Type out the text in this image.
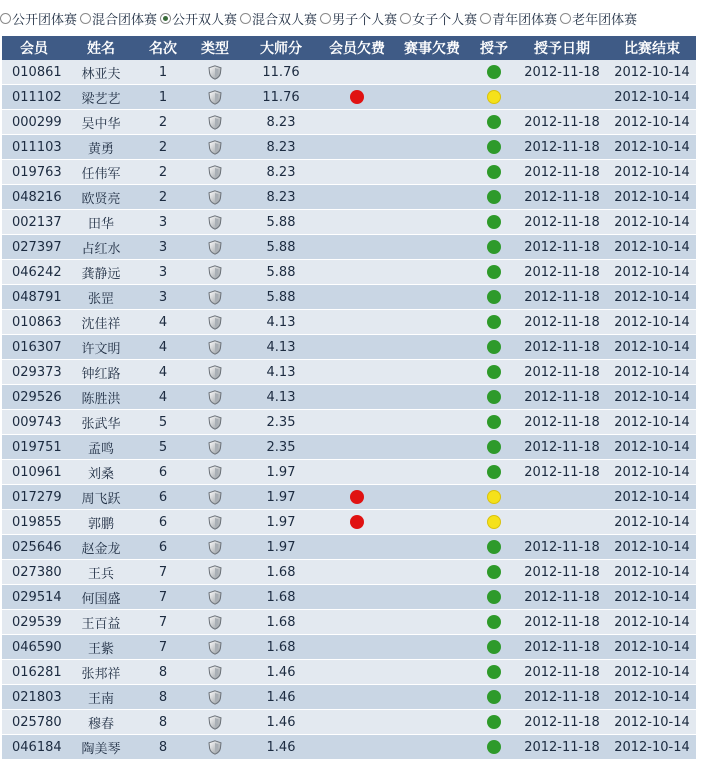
公开团体赛 混合团体赛 公开双人赛 混合双人赛 男子个人赛 女子个人赛 青年团体赛 老年团体赛
会员	姓名	名次	类型	大师分	会员欠费	赛事欠费	授予	授予日期	比赛结束
010861	林亚夫	1		11.76				2012-11-18	2012-10-14
011102	梁艺艺	1		11.76					2012-10-14
000299	吴中华	2		8.23				2012-11-18	2012-10-14
011103	黄勇	2		8.23				2012-11-18	2012-10-14
019763	任伟军	2		8.23				2012-11-18	2012-10-14
048216	欧贤亮	2		8.23				2012-11-18	2012-10-14
002137	田华	3		5.88				2012-11-18	2012-10-14
027397	占红水	3		5.88				2012-11-18	2012-10-14
046242	龚静远	3		5.88				2012-11-18	2012-10-14
048791	张罡	3		5.88				2012-11-18	2012-10-14
010863	沈佳祥	4		4.13				2012-11-18	2012-10-14
016307	许文明	4		4.13				2012-11-18	2012-10-14
029373	钟红路	4		4.13				2012-11-18	2012-10-14
029526	陈胜洪	4		4.13				2012-11-18	2012-10-14
009743	张武华	5		2.35				2012-11-18	2012-10-14
019751	孟鸣	5		2.35				2012-11-18	2012-10-14
010961	刘桑	6		1.97				2012-11-18	2012-10-14
017279	周飞跃	6		1.97					2012-10-14
019855	郭鹏	6		1.97					2012-10-14
025646	赵金龙	6		1.97				2012-11-18	2012-10-14
027380	王兵	7		1.68				2012-11-18	2012-10-14
029514	何国盛	7		1.68				2012-11-18	2012-10-14
029539	王百益	7		1.68				2012-11-18	2012-10-14
046590	王紫	7		1.68				2012-11-18	2012-10-14
016281	张邦祥	8		1.46				2012-11-18	2012-10-14
021803	王南	8		1.46				2012-11-18	2012-10-14
025780	穆春	8		1.46				2012-11-18	2012-10-14
046184	陶美琴	8		1.46				2012-11-18	2012-10-14
